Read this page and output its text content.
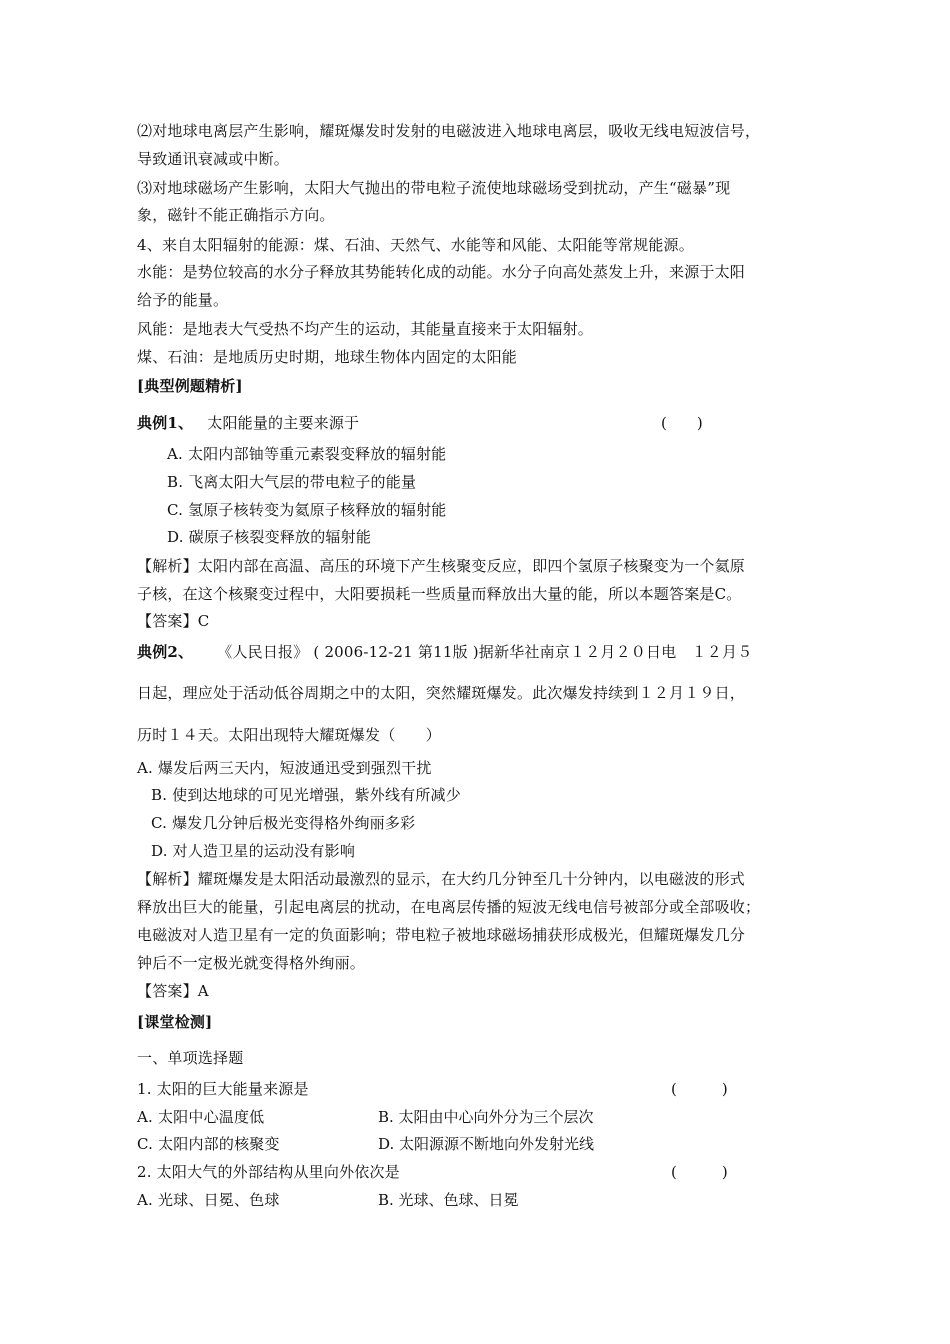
⑵对地球电离层产生影响，耀斑爆发时发射的电磁波进入地球电离层，吸收无线电短波信号，
导致通讯衰减或中断。
⑶对地球磁场产生影响，太阳大气抛出的带电粒子流使地球磁场受到扰动，产生“磁暴”现
象，磁针不能正确指示方向。
4、来自太阳辐射的能源：煤、石油、天然气、水能等和风能、太阳能等常规能源。
水能：是势位较高的水分子释放其势能转化成的动能。水分子向高处蒸发上升，来源于太阳
给予的能量。
风能：是地表大气受热不均产生的运动，其能量直接来于太阳辐射。
煤、石油：是地质历史时期，地球生物体内固定的太阳能
[典型例题精析]
典例1、 太阳能量的主要来源于	(　　)
A. 太阳内部铀等重元素裂变释放的辐射能
B. 飞离太阳大气层的带电粒子的能量
C. 氢原子核转变为氦原子核释放的辐射能
D. 碳原子核裂变释放的辐射能
【解析】太阳内部在高温、高压的环境下产生核聚变反应，即四个氢原子核聚变为一个氦原
子核，在这个核聚变过程中，大阳要损耗一些质量而释放出大量的能，所以本题答案是C。
【答案】C
典例2、 《人民日报》 ( 2006-12-21 第11版 )据新华社南京１２月２０日电　１２月５
日起，理应处于活动低谷周期之中的太阳，突然耀斑爆发。此次爆发持续到１２月１９日，
历时１４天。太阳出现特大耀斑爆发（　　）
A. 爆发后两三天内，短波通迅受到强烈干扰
B. 使到达地球的可见光增强，紫外线有所减少
C. 爆发几分钟后极光变得格外绚丽多彩
D. 对人造卫星的运动没有影响
【解析】耀斑爆发是太阳活动最激烈的显示，在大约几分钟至几十分钟内，以电磁波的形式
释放出巨大的能量，引起电离层的扰动，在电离层传播的短波无线电信号被部分或全部吸收；
电磁波对人造卫星有一定的负面影响；带电粒子被地球磁场捕获形成极光，但耀斑爆发几分
钟后不一定极光就变得格外绚丽。
【答案】A
[课堂检测]
一、单项选择题
1. 太阳的巨大能量来源是	(　　　)
A. 太阳中心温度低	B. 太阳由中心向外分为三个层次
C. 太阳内部的核聚变	D. 太阳源源不断地向外发射光线
2. 太阳大气的外部结构从里向外依次是	(　　　)
A. 光球、日冕、色球	B. 光球、色球、日冕
